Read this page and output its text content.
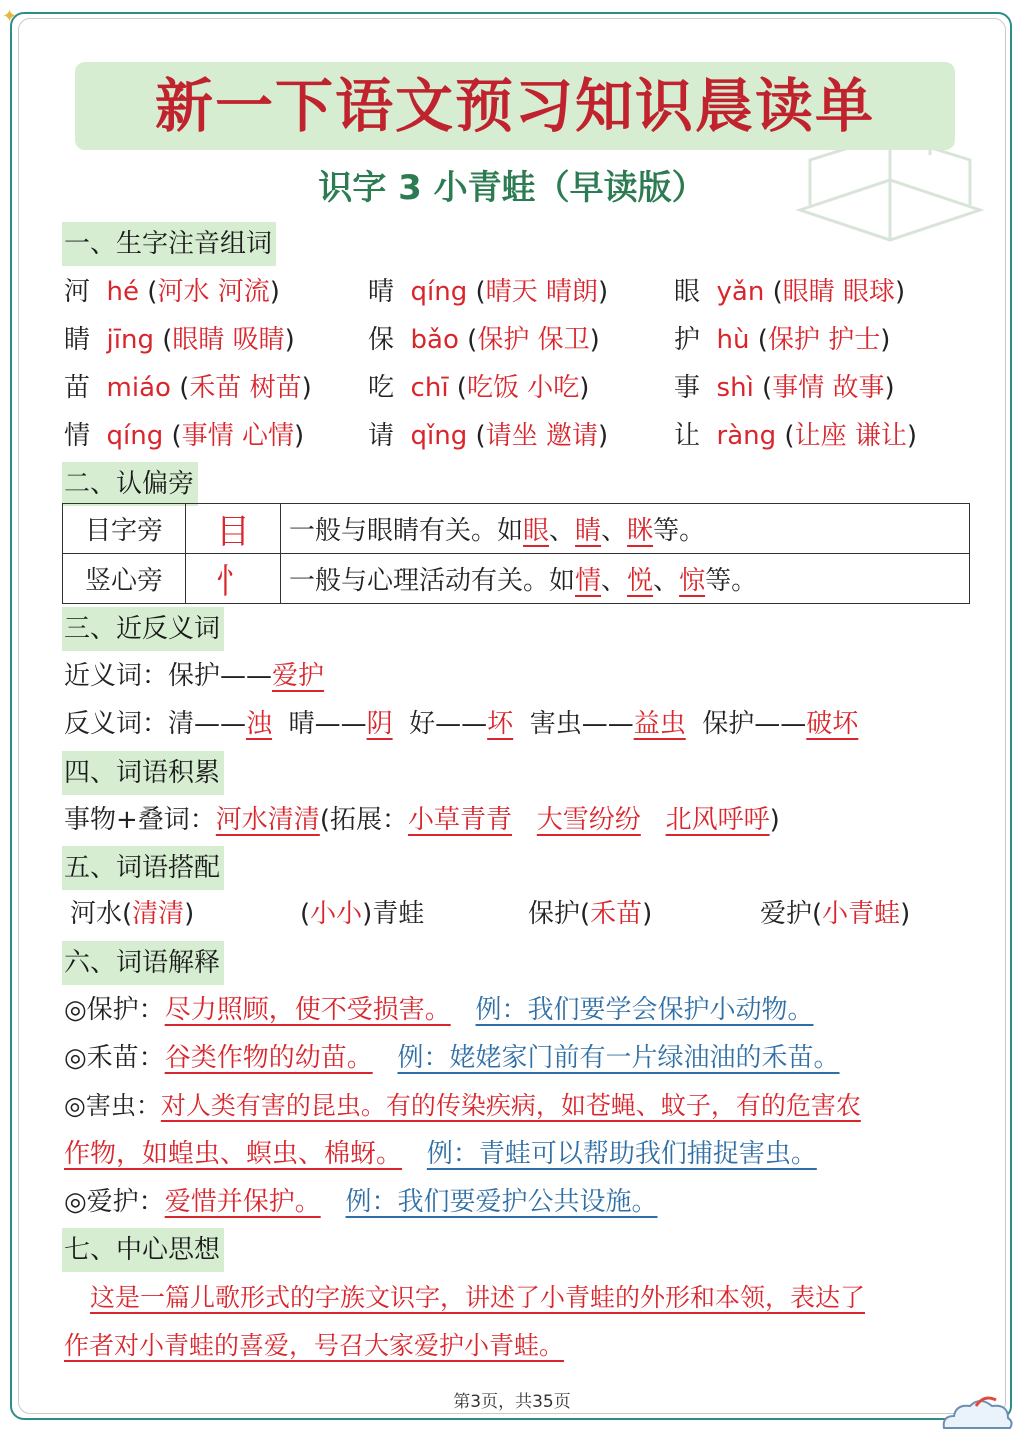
✦
新一下语文预习知识晨读单
识字 3 小青蛙（早读版）
一、生字注音组词
河 hé (河水 河流)	晴 qíng (晴天 晴朗)	眼 yǎn (眼睛 眼球)
睛 jīng (眼睛 吸睛)	保 bǎo (保护 保卫)	护 hù (保护 护士)
苗 miáo (禾苗 树苗) 吃 chī (吃饭 小吃)	事 shì (事情 故事)
情 qíng (事情 心情) 请 qǐng (请坐 邀请)	让 ràng (让座 谦让)
二、认偏旁
目字旁	目	一般与眼睛有关。如眼、睛、眯等。
竖心旁	忄	一般与心理活动有关。如情、悦、惊等。
三、近反义词
近义词：保护——爱护
反义词：清——浊 晴——阴 好——坏 害虫——益虫 保护——破坏
四、词语积累
事物+叠词：河水清清(拓展：小草青青 大雪纷纷 北风呼呼)
五、词语搭配
河水(清清)	(小小)青蛙	保护(禾苗)	爱护(小青蛙)
六、词语解释
◎保护：尽力照顾，使不受损害。 例：我们要学会保护小动物。
◎禾苗：谷类作物的幼苗。 例：姥姥家门前有一片绿油油的禾苗。
◎害虫：对人类有害的昆虫。有的传染疾病，如苍蝇、蚊子，有的危害农
作物，如蝗虫、螟虫、棉蚜。 例：青蛙可以帮助我们捕捉害虫。
◎爱护：爱惜并保护。 例：我们要爱护公共设施。
七、中心思想
这是一篇儿歌形式的字族文识字，讲述了小青蛙的外形和本领，表达了
作者对小青蛙的喜爱，号召大家爱护小青蛙。
第3页，共35页
